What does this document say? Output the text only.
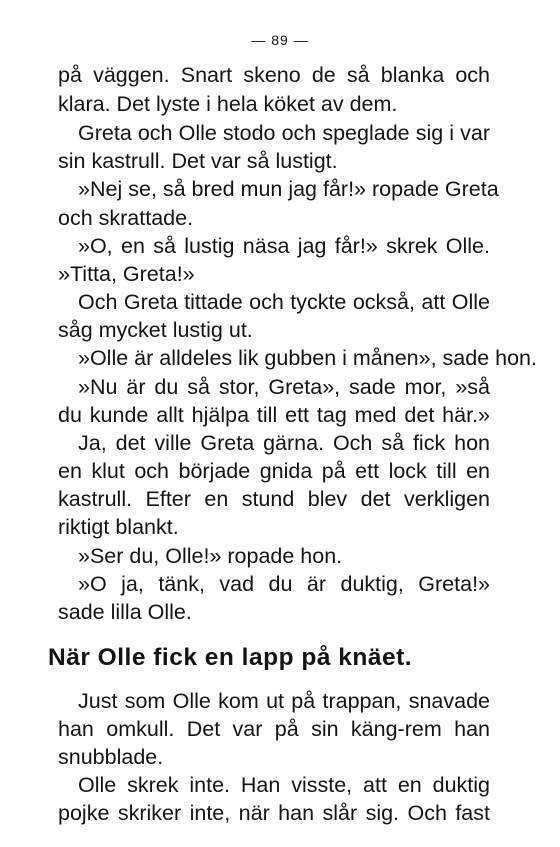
— 89 —
på väggen. Snart skeno de så blanka och
klara. Det lyste i hela köket av dem.
Greta och Olle stodo och speglade sig i var
sin kastrull. Det var så lustigt.
»Nej se, så bred mun jag får!» ropade Greta
och skrattade.
»O, en så lustig näsa jag får!» skrek Olle.
»Titta, Greta!»
Och Greta tittade och tyckte också, att Olle
såg mycket lustig ut.
»Olle är alldeles lik gubben i månen», sade hon.
»Nu är du så stor, Greta», sade mor, »så
du kunde allt hjälpa till ett tag med det här.»
Ja, det ville Greta gärna. Och så fick hon
en klut och började gnida på ett lock till en
kastrull. Efter en stund blev det verkligen
riktigt blankt.
»Ser du, Olle!» ropade hon.
»O ja, tänk, vad du är duktig, Greta!»
sade lilla Olle.
När Olle fick en lapp på knäet.
Just som Olle kom ut på trappan, snavade
han omkull. Det var på sin käng-rem han
snubblade.
Olle skrek inte. Han visste, att en duktig
pojke skriker inte, när han slår sig. Och fast
